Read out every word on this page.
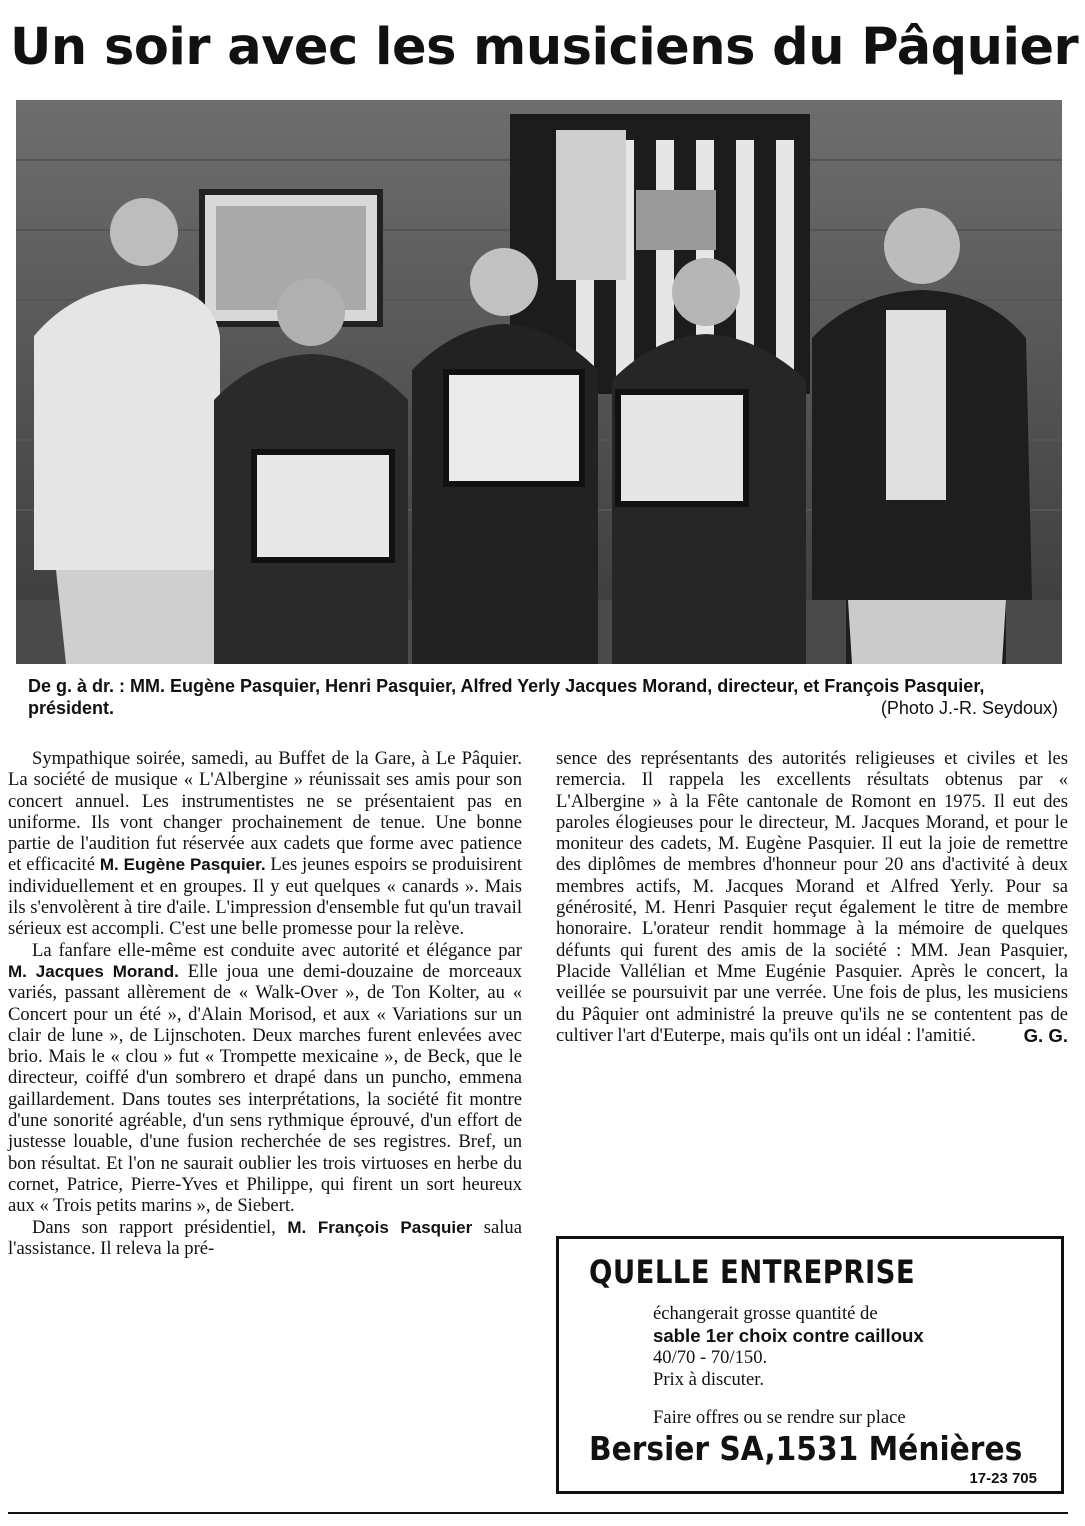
Un soir avec les musiciens du Pâquier
De g. à dr. : MM. Eugène Pasquier, Henri Pasquier, Alfred Yerly Jacques Morand, directeur, et François Pasquier, président.	(Photo J.-R. Seydoux)

Sympathique soirée, samedi, au Buffet de la Gare, à Le Pâquier. La société de musique « L'Albergine » réunissait ses amis pour son concert annuel. Les instrumentistes ne se présentaient pas en uniforme. Ils vont changer prochainement de tenue. Une bonne partie de l'audition fut réservée aux cadets que forme avec patience et efficacité M. Eugène Pasquier. Les jeunes espoirs se produisirent individuellement et en groupes. Il y eut quelques « canards ». Mais ils s'envolèrent à tire d'aile. L'impression d'ensemble fut qu'un travail sérieux est accompli. C'est une belle promesse pour la relève.

La fanfare elle-même est conduite avec autorité et élégance par M. Jacques Morand. Elle joua une demi-douzaine de morceaux variés, passant allèrement de « Walk-Over », de Ton Kolter, au « Concert pour un été », d'Alain Morisod, et aux « Variations sur un clair de lune », de Lijnschoten. Deux marches furent enlevées avec brio. Mais le « clou » fut « Trompette mexicaine », de Beck, que le directeur, coiffé d'un sombrero et drapé dans un puncho, emmena gaillardement. Dans toutes ses interprétations, la société fit montre d'une sonorité agréable, d'un sens rythmique éprouvé, d'un effort de justesse louable, d'une fusion recherchée de ses registres. Bref, un bon résultat. Et l'on ne saurait oublier les trois virtuoses en herbe du cornet, Patrice, Pierre-Yves et Philippe, qui firent un sort heureux aux « Trois petits marins », de Siebert.

Dans son rapport présidentiel, M. François Pasquier salua l'assistance. Il releva la pré-

sence des représentants des autorités religieuses et civiles et les remercia. Il rappela les excellents résultats obtenus par « L'Albergine » à la Fête cantonale de Romont en 1975. Il eut des paroles élogieuses pour le directeur, M. Jacques Morand, et pour le moniteur des cadets, M. Eugène Pasquier. Il eut la joie de remettre des diplômes de membres d'honneur pour 20 ans d'activité à deux membres actifs, M. Jacques Morand et Alfred Yerly. Pour sa générosité, M. Henri Pasquier reçut également le titre de membre honoraire. L'orateur rendit hommage à la mémoire de quelques défunts qui furent des amis de la société : MM. Jean Pasquier, Placide Vallélian et Mme Eugénie Pasquier. Après le concert, la veillée se poursuivit par une verrée. Une fois de plus, les musiciens du Pâquier ont administré la preuve qu'ils ne se contentent pas de cultiver l'art d'Euterpe, mais qu'ils ont un idéal : l'amitié.	G. G.

QUELLE ENTREPRISE
échangerait grosse quantité de
sable 1er choix contre cailloux
40/70 - 70/150.
Prix à discuter.
Faire offres ou se rendre sur place
Bersier SA,1531 Ménières
17-23 705
